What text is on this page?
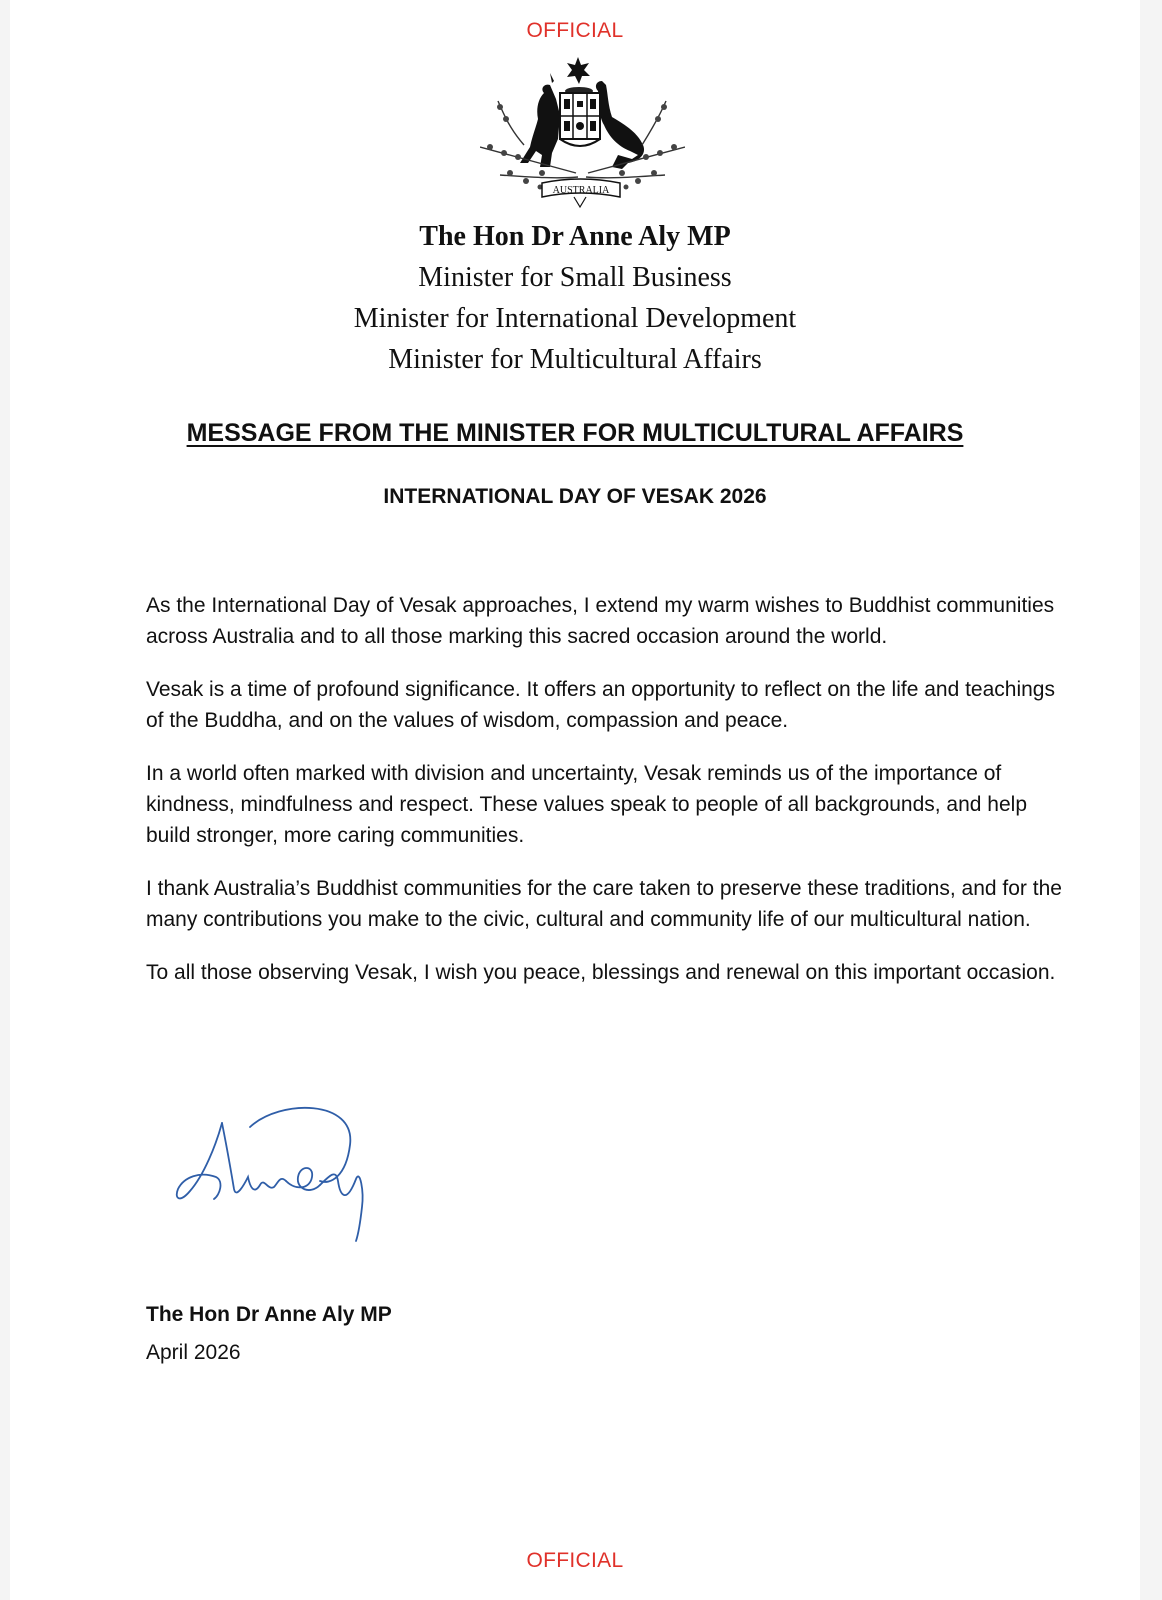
OFFICIAL
AUSTRALIA
The Hon Dr Anne Aly MP
Minister for Small Business
Minister for International Development
Minister for Multicultural Affairs
MESSAGE FROM THE MINISTER FOR MULTICULTURAL AFFAIRS
INTERNATIONAL DAY OF VESAK 2026

As the International Day of Vesak approaches, I extend my warm wishes to Buddhist communities across Australia and to all those marking this sacred occasion around the world.

Vesak is a time of profound significance. It offers an opportunity to reflect on the life and teachings of the Buddha, and on the values of wisdom, compassion and peace.

In a world often marked with division and uncertainty, Vesak reminds us of the importance of kindness, mindfulness and respect. These values speak to people of all backgrounds, and help build stronger, more caring communities.

I thank Australia’s Buddhist communities for the care taken to preserve these traditions, and for the many contributions you make to the civic, cultural and community life of our multicultural nation.

To all those observing Vesak, I wish you peace, blessings and renewal on this important occasion.

The Hon Dr Anne Aly MP
April 2026
OFFICIAL
